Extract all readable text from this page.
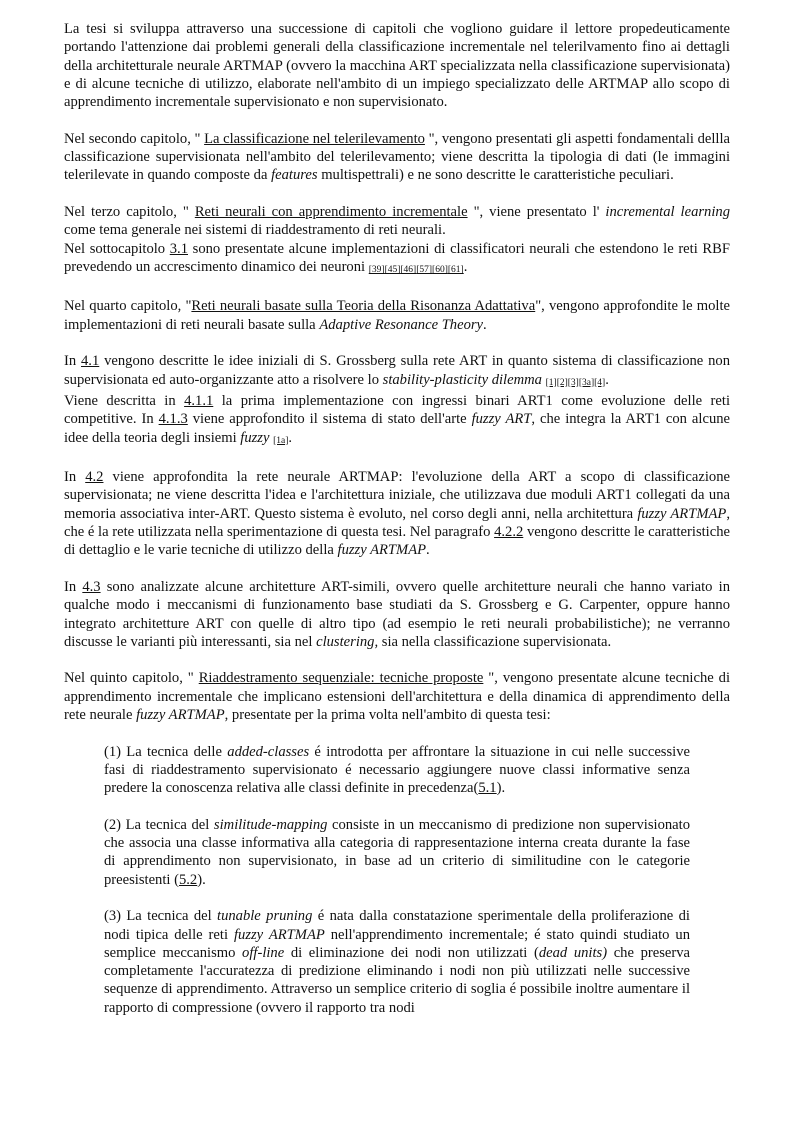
La tesi si sviluppa attraverso una successione di capitoli che vogliono guidare il lettore propedeuticamente portando l'attenzione dai problemi generali della classificazione incrementale nel telerilvamento fino ai dettagli della architetturale neurale ARTMAP (ovvero la macchina ART specializzata nella classificazione supervisionata) e di alcune tecniche di utilizzo, elaborate nell'ambito di un impiego specializzato delle ARTMAP allo scopo di apprendimento incrementale supervisionato e non supervisionato.

Nel secondo capitolo, " La classificazione nel telerilevamento ", vengono presentati gli aspetti fondamentali dellla classificazione supervisionata nell'ambito del telerilevamento; viene descritta la tipologia di dati (le immagini telerilevate in quando composte da features multispettrali) e ne sono descritte le caratteristiche peculiari.

Nel terzo capitolo, " Reti neurali con apprendimento incrementale ", viene presentato l' incremental learning come tema generale nei sistemi di riaddestramento di reti neurali.
Nel sottocapitolo 3.1 sono presentate alcune implementazioni di classificatori neurali che estendono le reti RBF prevedendo un accrescimento dinamico dei neuroni [39][45][46][57][60][61].

Nel quarto capitolo, "Reti neurali basate sulla Teoria della Risonanza Adattativa", vengono approfondite le molte implementazioni di reti neurali basate sulla Adaptive Resonance Theory.

In 4.1 vengono descritte le idee iniziali di S. Grossberg sulla rete ART in quanto sistema di classificazione non supervisionata ed auto-organizzante atto a risolvere lo stability-plasticity dilemma [1][2][3][3a][4].
Viene descritta in 4.1.1 la prima implementazione con ingressi binari ART1 come evoluzione delle reti competitive. In 4.1.3 viene approfondito il sistema di stato dell'arte fuzzy ART, che integra la ART1 con alcune idee della teoria degli insiemi fuzzy [1a].

In 4.2 viene approfondita la rete neurale ARTMAP: l'evoluzione della ART a scopo di classificazione supervisionata; ne viene descritta l'idea e l'architettura iniziale, che utilizzava due moduli ART1 collegati da una memoria associativa inter-ART. Questo sistema è evoluto, nel corso degli anni, nella architettura fuzzy ARTMAP, che é la rete utilizzata nella sperimentazione di questa tesi. Nel paragrafo 4.2.2 vengono descritte le caratteristiche di dettaglio e le varie tecniche di utilizzo della fuzzy ARTMAP.

In 4.3 sono analizzate alcune architetture ART-simili, ovvero quelle architetture neurali che hanno variato in qualche modo i meccanismi di funzionamento base studiati da S. Grossberg e G. Carpenter, oppure hanno integrato architetture ART con quelle di altro tipo (ad esempio le reti neurali probabilistiche); ne verranno discusse le varianti più interessanti, sia nel clustering, sia nella classificazione supervisionata.

Nel quinto capitolo, " Riaddestramento sequenziale: tecniche proposte ", vengono presentate alcune tecniche di apprendimento incrementale che implicano estensioni dell'architettura e della dinamica di apprendimento della rete neurale fuzzy ARTMAP, presentate per la prima volta nell'ambito di questa tesi:

(1) La tecnica delle added-classes é introdotta per affrontare la situazione in cui nelle successive fasi di riaddestramento supervisionato é necessario aggiungere nuove classi informative senza predere la conoscenza relativa alle classi definite in precedenza(5.1).

(2) La tecnica del similitude-mapping consiste in un meccanismo di predizione non supervisionato che associa una classe informativa alla categoria di rappresentazione interna creata durante la fase di apprendimento non supervisionato, in base ad un criterio di similitudine con le categorie preesistenti (5.2).

(3) La tecnica del tunable pruning é nata dalla constatazione sperimentale della proliferazione di nodi tipica delle reti fuzzy ARTMAP nell'apprendimento incrementale; é stato quindi studiato un semplice meccanismo off-line di eliminazione dei nodi non utilizzati (dead units) che preserva completamente l'accuratezza di predizione eliminando i nodi non più utilizzati nelle successive sequenze di apprendimento. Attraverso un semplice criterio di soglia é possibile inoltre aumentare il rapporto di compressione (ovvero il rapporto tra nodi
